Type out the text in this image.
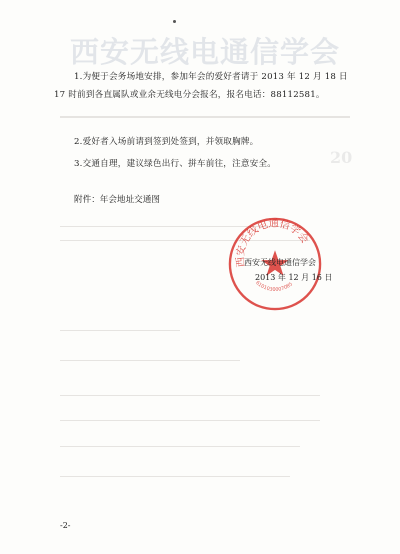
西安无线电通信学会
20
1.为便于会务场地安排，参加年会的爱好者请于 2013 年 12 月 18 日 17 时前到各直属队或业余无线电分会报名，报名电话：88112581。
2.爱好者入场前请到签到处签到，并领取胸牌。
3.交通自理，建议绿色出行、拼车前往，注意安全。
附件：年会地址交通图
西安无线电通信学会
6101030007085
西安无线电通信学会
2013 年 12 月 16 日
-2-
